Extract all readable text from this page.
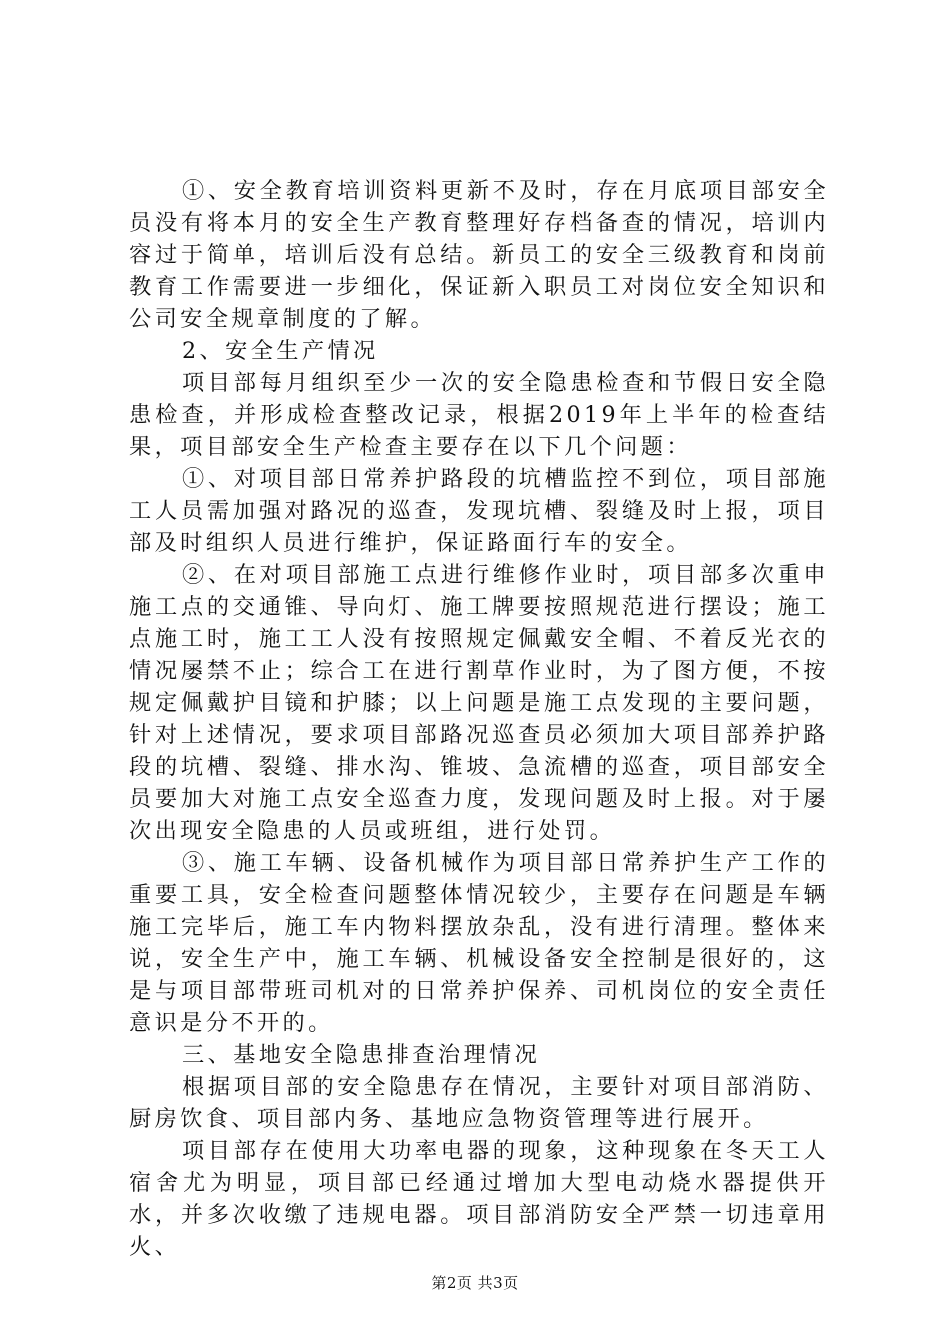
①、安全教育培训资料更新不及时，存在月底项目部安全员没有将本月的安全生产教育整理好存档备查的情况，培训内容过于简单，培训后没有总结。新员工的安全三级教育和岗前教育工作需要进一步细化，保证新入职员工对岗位安全知识和公司安全规章制度的了解。

2、安全生产情况

项目部每月组织至少一次的安全隐患检查和节假日安全隐患检查，并形成检查整改记录，根据2019年上半年的检查结果，项目部安全生产检查主要存在以下几个问题：

①、对项目部日常养护路段的坑槽监控不到位，项目部施工人员需加强对路况的巡查，发现坑槽、裂缝及时上报，项目部及时组织人员进行维护，保证路面行车的安全。

②、在对项目部施工点进行维修作业时，项目部多次重申施工点的交通锥、导向灯、施工牌要按照规范进行摆设；施工点施工时，施工工人没有按照规定佩戴安全帽、不着反光衣的情况屡禁不止；综合工在进行割草作业时，为了图方便，不按规定佩戴护目镜和护膝；以上问题是施工点发现的主要问题，针对上述情况，要求项目部路况巡查员必须加大项目部养护路段的坑槽、裂缝、排水沟、锥坡、急流槽的巡查，项目部安全员要加大对施工点安全巡查力度，发现问题及时上报。对于屡次出现安全隐患的人员或班组，进行处罚。

③、施工车辆、设备机械作为项目部日常养护生产工作的重要工具，安全检查问题整体情况较少，主要存在问题是车辆施工完毕后，施工车内物料摆放杂乱，没有进行清理。整体来说，安全生产中，施工车辆、机械设备安全控制是很好的，这是与项目部带班司机对的日常养护保养、司机岗位的安全责任意识是分不开的。

三、基地安全隐患排查治理情况

根据项目部的安全隐患存在情况，主要针对项目部消防、厨房饮食、项目部内务、基地应急物资管理等进行展开。

项目部存在使用大功率电器的现象，这种现象在冬天工人宿舍尤为明显，项目部已经通过增加大型电动烧水器提供开水，并多次收缴了违规电器。项目部消防安全严禁一切违章用火、

第2页 共3页
